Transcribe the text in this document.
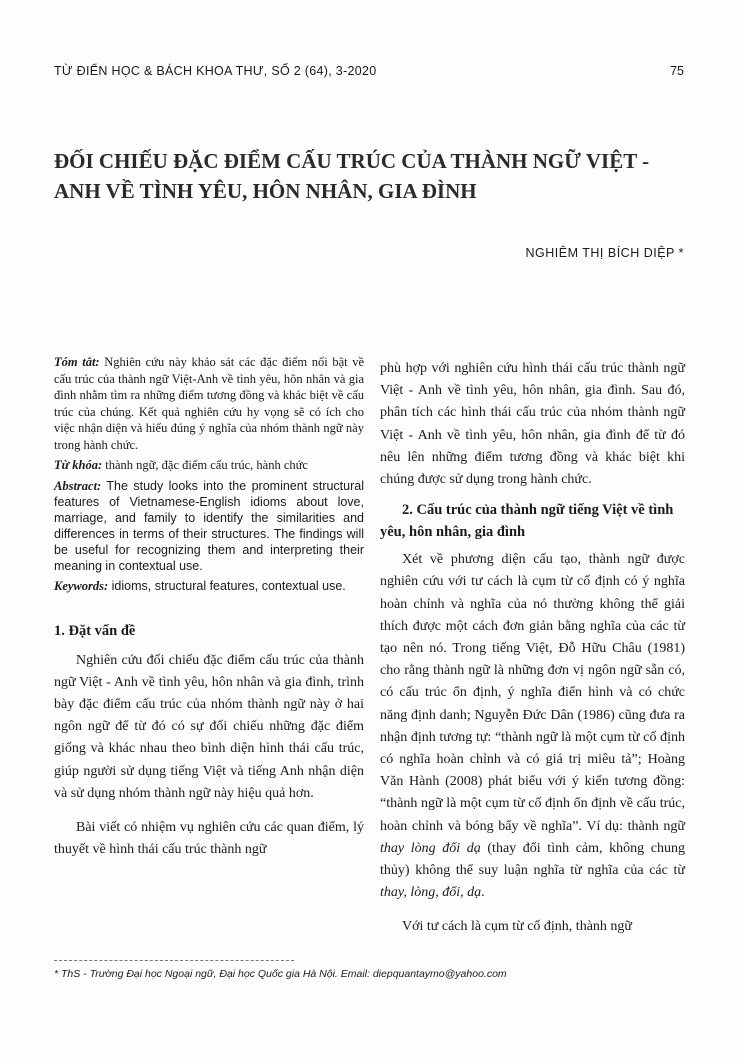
TỪ ĐIỂN HỌC & BÁCH KHOA THƯ, SỐ 2 (64), 3-2020	75
ĐỐI CHIẾU ĐẶC ĐIỂM CẤU TRÚC CỦA THÀNH NGỮ VIỆT - ANH VỀ TÌNH YÊU, HÔN NHÂN, GIA ĐÌNH
NGHIÊM THỊ BÍCH DIỆP *

Tóm tắt: Nghiên cứu này khảo sát các đặc điểm nổi bật về cấu trúc của thành ngữ Việt-Anh về tình yêu, hôn nhân và gia đình nhằm tìm ra những điểm tương đồng và khác biệt về cấu trúc của chúng. Kết quả nghiên cứu hy vọng sẽ có ích cho việc nhận diện và hiểu đúng ý nghĩa của nhóm thành ngữ này trong hành chức.

Từ khóa: thành ngữ, đặc điểm cấu trúc, hành chức

Abstract: The study looks into the prominent structural features of Vietnamese-English idioms about love, marriage, and family to identify the similarities and differences in terms of their structures. The findings will be useful for recognizing them and interpreting their meaning in contextual use.

Keywords: idioms, structural features, contextual use.

1. Đặt vấn đề

Nghiên cứu đối chiếu đặc điểm cấu trúc của thành ngữ Việt - Anh về tình yêu, hôn nhân và gia đình, trình bày đặc điểm cấu trúc của nhóm thành ngữ này ở hai ngôn ngữ để từ đó có sự đối chiếu những đặc điểm giống và khác nhau theo bình diện hình thái cấu trúc, giúp người sử dụng tiếng Việt và tiếng Anh nhận diện và sử dụng nhóm thành ngữ này hiệu quả hơn.

Bài viết có nhiệm vụ nghiên cứu các quan điểm, lý thuyết về hình thái cấu trúc thành ngữ

phù hợp với nghiên cứu hình thái cấu trúc thành ngữ Việt - Anh về tình yêu, hôn nhân, gia đình. Sau đó, phân tích các hình thái cấu trúc của nhóm thành ngữ Việt - Anh về tình yêu, hôn nhân, gia đình để từ đó nêu lên những điểm tương đồng và khác biệt khi chúng được sử dụng trong hành chức.

2. Cấu trúc của thành ngữ tiếng Việt về tình yêu, hôn nhân, gia đình

Xét về phương diện cấu tạo, thành ngữ được nghiên cứu với tư cách là cụm từ cố định có ý nghĩa hoàn chỉnh và nghĩa của nó thường không thể giải thích được một cách đơn giản bằng nghĩa của các từ tạo nên nó. Trong tiếng Việt, Đỗ Hữu Châu (1981) cho rằng thành ngữ là những đơn vị ngôn ngữ sẵn có, có cấu trúc ổn định, ý nghĩa điển hình và có chức năng định danh; Nguyễn Đức Dân (1986) cũng đưa ra nhận định tương tự: “thành ngữ là một cụm từ cố định có nghĩa hoàn chỉnh và có giá trị miêu tả”; Hoàng Văn Hành (2008) phát biểu với ý kiến tương đồng: “thành ngữ là một cụm từ cố định ổn định về cấu trúc, hoàn chỉnh và bóng bẩy về nghĩa”. Ví dụ: thành ngữ thay lòng đổi dạ (thay đổi tình cảm, không chung thủy) không thể suy luận nghĩa từ nghĩa của các từ thay, lòng, đổi, dạ.

Với tư cách là cụm từ cố định, thành ngữ

* ThS - Trường Đại học Ngoại ngữ, Đại học Quốc gia Hà Nội. Email: diepquantaymo@yahoo.com
